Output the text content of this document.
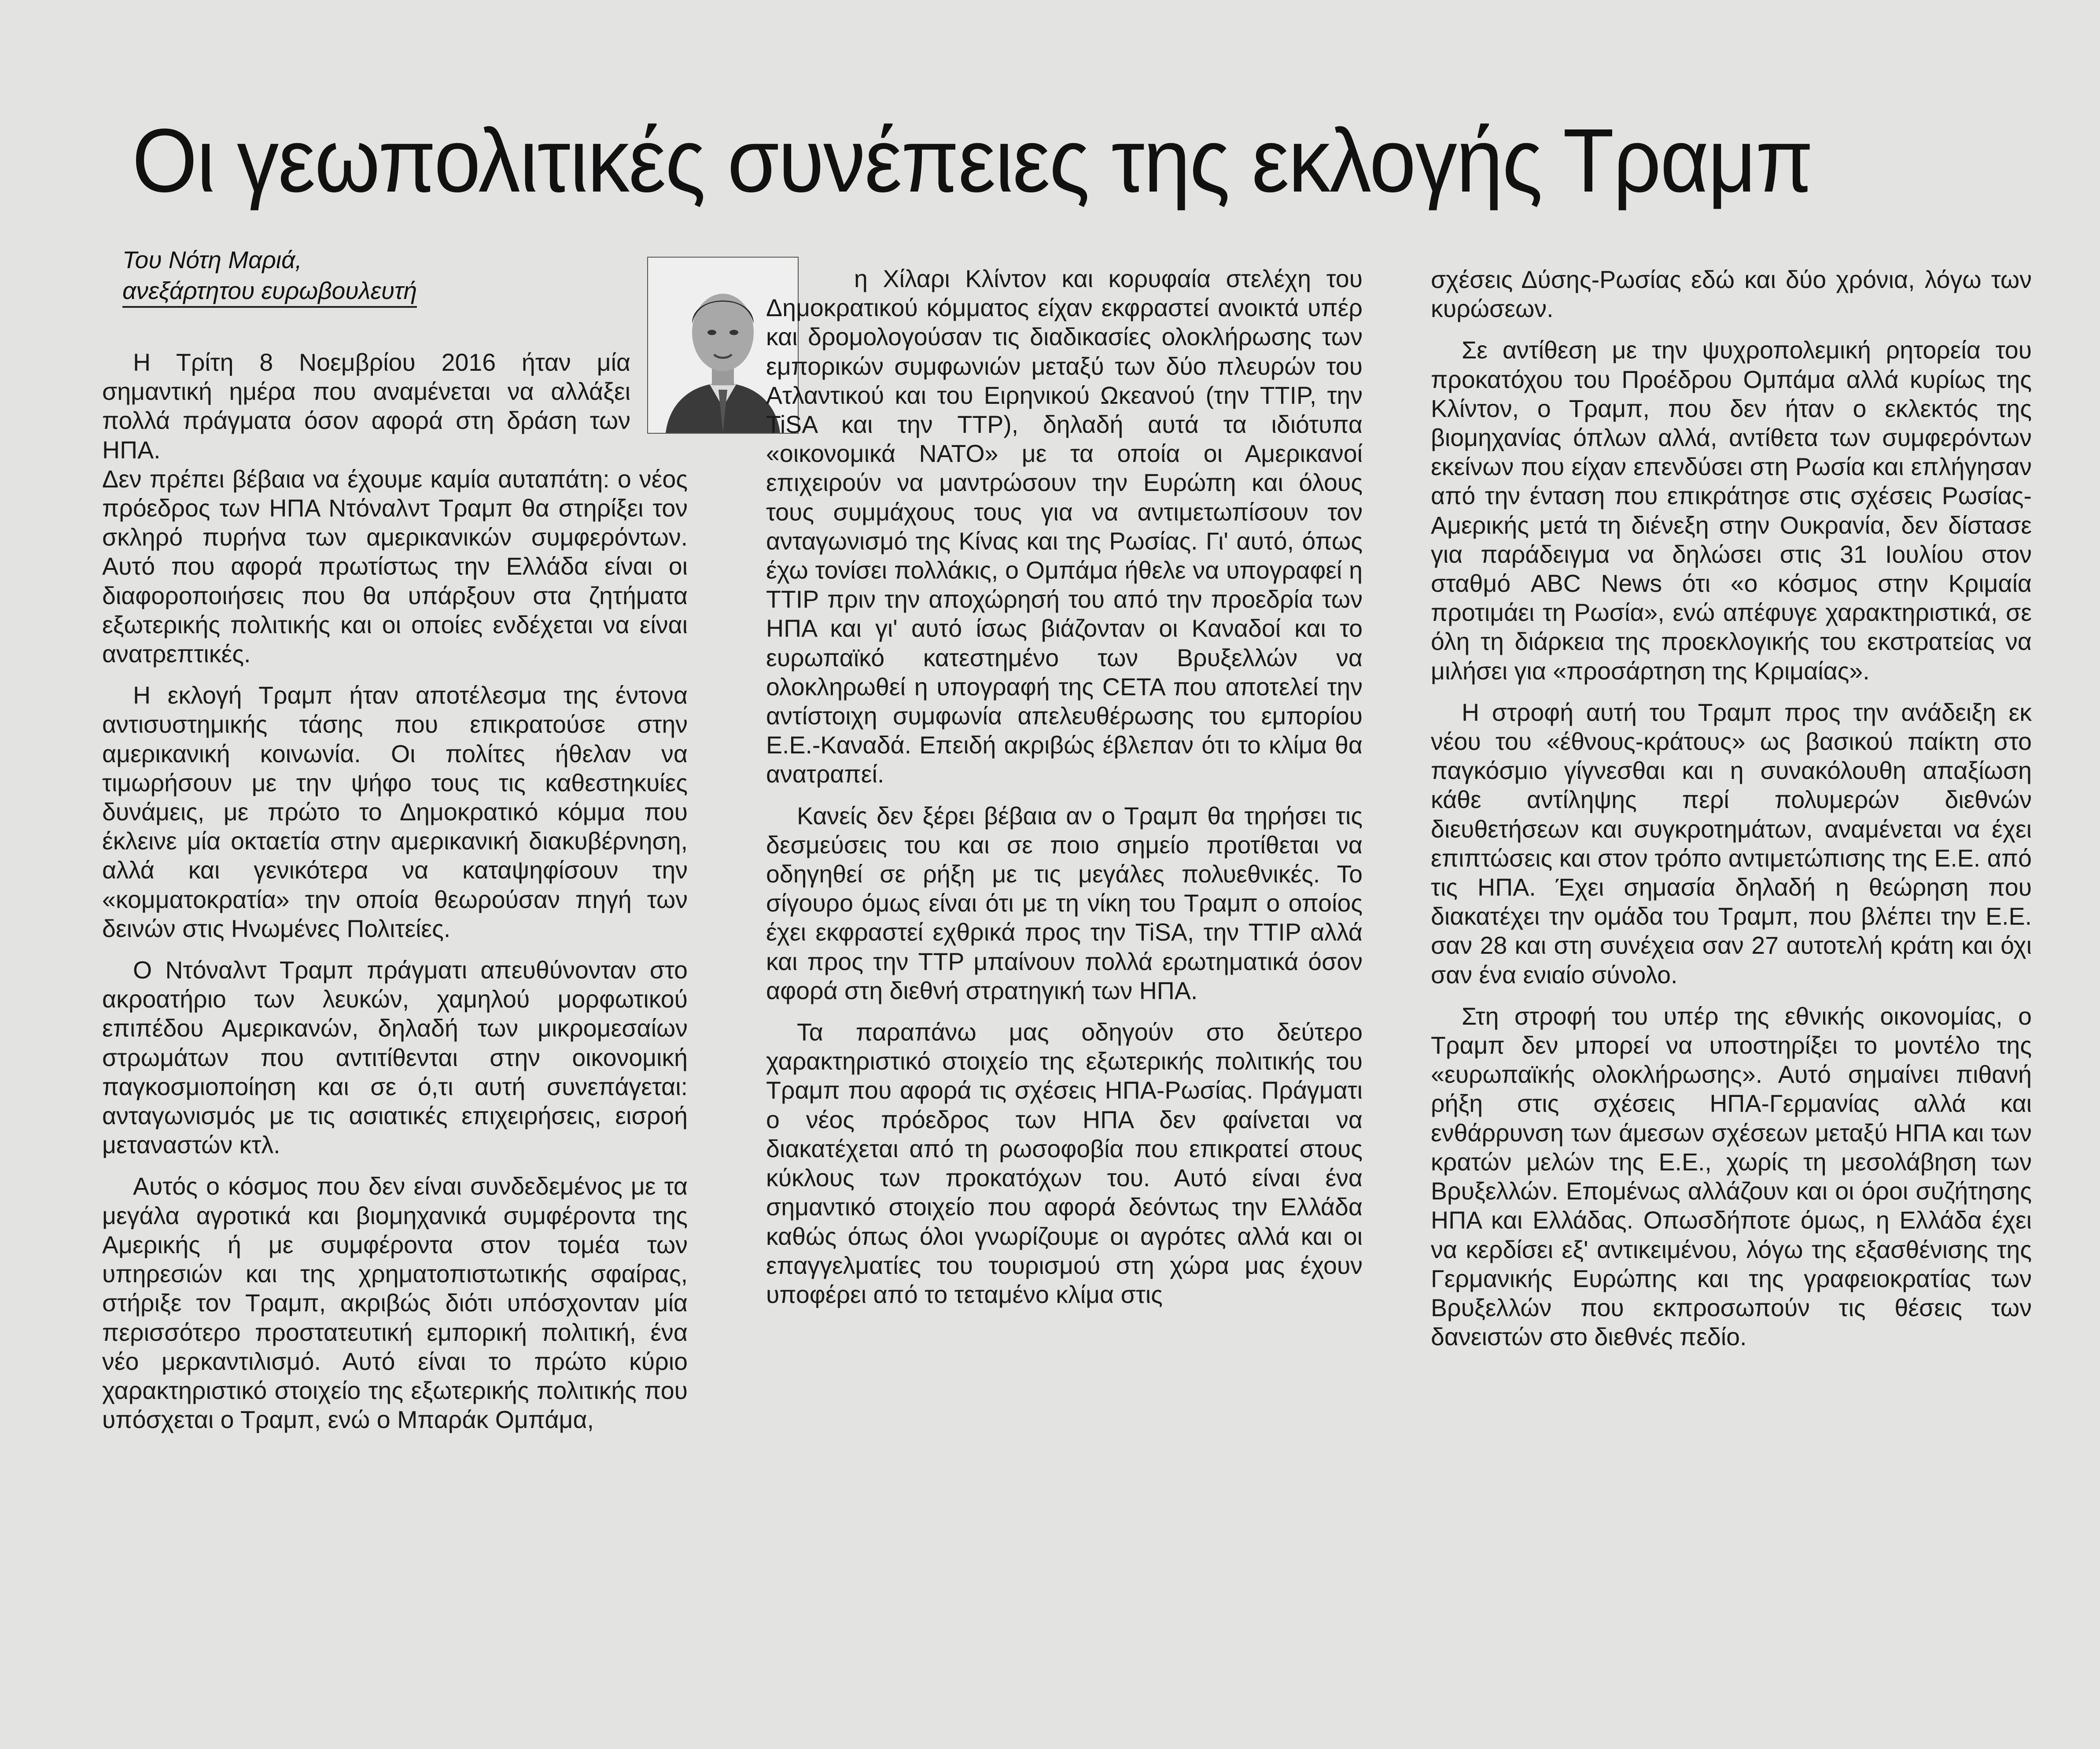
Οι γεωπολιτικές συνέπειες της εκλογής Τραμπ
Του Νότη Μαριά,
ανεξάρτητου ευρωβουλευτή

Η Τρίτη 8 Νοεμβρίου 2016 ήταν μία σημαντική ημέρα που αναμένεται να αλλάξει πολλά πράγματα όσον αφορά στη δράση των ΗΠΑ.

Δεν πρέπει βέβαια να έχουμε καμία αυταπάτη: ο νέος πρόεδρος των ΗΠΑ Ντόναλντ Τραμπ θα στηρίξει τον σκληρό πυρήνα των αμερικανικών συμφερόντων. Αυτό που αφορά πρωτίστως την Ελλάδα είναι οι διαφοροποιήσεις που θα υπάρξουν στα ζητήματα εξωτερικής πολιτικής και οι οποίες ενδέχεται να είναι ανατρεπτικές.

Η εκλογή Τραμπ ήταν αποτέλεσμα της έντονα αντισυστημικής τάσης που επικρατούσε στην αμερικανική κοινωνία. Οι πολίτες ήθελαν να τιμωρήσουν με την ψήφο τους τις καθεστηκυίες δυνάμεις, με πρώτο το Δημοκρατικό κόμμα που έκλεινε μία οκταετία στην αμερικανική διακυβέρνηση, αλλά και γενικότερα να καταψηφίσουν την «κομματοκρατία» την οποία θεωρούσαν πηγή των δεινών στις Ηνωμένες Πολιτείες.

Ο Ντόναλντ Τραμπ πράγματι απευθύνονταν στο ακροατήριο των λευκών, χαμηλού μορφωτικού επιπέδου Αμερικανών, δηλαδή των μικρομεσαίων στρωμάτων που αντιτίθενται στην οικονομική παγκοσμιοποίηση και σε ό,τι αυτή συνεπάγεται: ανταγωνισμός με τις ασιατικές επιχειρήσεις, εισροή μεταναστών κτλ.

Αυτός ο κόσμος που δεν είναι συνδεδεμένος με τα μεγάλα αγροτικά και βιομηχανικά συμφέροντα της Αμερικής ή με συμφέροντα στον τομέα των υπηρεσιών και της χρηματοπιστωτικής σφαίρας, στήριξε τον Τραμπ, ακριβώς διότι υπόσχονταν μία περισσότερο προστατευτική εμπορική πολιτική, ένα νέο μερκαντιλισμό. Αυτό είναι το πρώτο κύριο χαρακτηριστικό στοιχείο της εξωτερικής πολιτικής που υπόσχεται ο Τραμπ, ενώ ο Μπαράκ Ομπάμα,

η Χίλαρι Κλίντον και κορυφαία στελέχη του Δημοκρατικού κόμματος είχαν εκφραστεί ανοικτά υπέρ και δρομολογούσαν τις διαδικασίες ολοκλήρωσης των εμπορικών συμφωνιών μεταξύ των δύο πλευρών του Ατλαντικού και του Ειρηνικού Ωκεανού (την TTIP, την TiSA και την TTP), δηλαδή αυτά τα ιδιότυπα «οικονομικά ΝΑΤΟ» με τα οποία οι Αμερικανοί επιχειρούν να μαντρώσουν την Ευρώπη και όλους τους συμμάχους τους για να αντιμετωπίσουν τον ανταγωνισμό της Κίνας και της Ρωσίας. Γι' αυτό, όπως έχω τονίσει πολλάκις, ο Ομπάμα ήθελε να υπογραφεί η TTIP πριν την αποχώρησή του από την προεδρία των ΗΠΑ και γι' αυτό ίσως βιάζονταν οι Καναδοί και το ευρωπαϊκό κατεστημένο των Βρυξελλών να ολοκληρωθεί η υπογραφή της CETA που αποτελεί την αντίστοιχη συμφωνία απελευθέρωσης του εμπορίου Ε.Ε.-Καναδά. Επειδή ακριβώς έβλεπαν ότι το κλίμα θα ανατραπεί.

Κανείς δεν ξέρει βέβαια αν ο Τραμπ θα τηρήσει τις δεσμεύσεις του και σε ποιο σημείο προτίθεται να οδηγηθεί σε ρήξη με τις μεγάλες πολυεθνικές. Το σίγουρο όμως είναι ότι με τη νίκη του Τραμπ ο οποίος έχει εκφραστεί εχθρικά προς την TiSA, την TTIP αλλά και προς την TTP μπαίνουν πολλά ερωτηματικά όσον αφορά στη διεθνή στρατηγική των ΗΠΑ.

Τα παραπάνω μας οδηγούν στο δεύτερο χαρακτηριστικό στοιχείο της εξωτερικής πολιτικής του Τραμπ που αφορά τις σχέσεις ΗΠΑ-Ρωσίας. Πράγματι ο νέος πρόεδρος των ΗΠΑ δεν φαίνεται να διακατέχεται από τη ρωσοφοβία που επικρατεί στους κύκλους των προκατόχων του. Αυτό είναι ένα σημαντικό στοιχείο που αφορά δεόντως την Ελλάδα καθώς όπως όλοι γνωρίζουμε οι αγρότες αλλά και οι επαγγελματίες του τουρισμού στη χώρα μας έχουν υποφέρει από το τεταμένο κλίμα στις

σχέσεις Δύσης-Ρωσίας εδώ και δύο χρόνια, λόγω των κυρώσεων.

Σε αντίθεση με την ψυχροπολεμική ρητορεία του προκατόχου του Προέδρου Ομπάμα αλλά κυρίως της Κλίντον, ο Τραμπ, που δεν ήταν ο εκλεκτός της βιομηχανίας όπλων αλλά, αντίθετα των συμφερόντων εκείνων που είχαν επενδύσει στη Ρωσία και επλήγησαν από την ένταση που επικράτησε στις σχέσεις Ρωσίας-Αμερικής μετά τη διένεξη στην Ουκρανία, δεν δίστασε για παράδειγμα να δηλώσει στις 31 Ιουλίου στον σταθμό ABC News ότι «ο κόσμος στην Κριμαία προτιμάει τη Ρωσία», ενώ απέφυγε χαρακτηριστικά, σε όλη τη διάρκεια της προεκλογικής του εκστρατείας να μιλήσει για «προσάρτηση της Κριμαίας».

Η στροφή αυτή του Τραμπ προς την ανάδειξη εκ νέου του «έθνους-κράτους» ως βασικού παίκτη στο παγκόσμιο γίγνεσθαι και η συνακόλουθη απαξίωση κάθε αντίληψης περί πολυμερών διεθνών διευθετήσεων και συγκροτημάτων, αναμένεται να έχει επιπτώσεις και στον τρόπο αντιμετώπισης της Ε.Ε. από τις ΗΠΑ. Έχει σημασία δηλαδή η θεώρηση που διακατέχει την ομάδα του Τραμπ, που βλέπει την Ε.Ε. σαν 28 και στη συνέχεια σαν 27 αυτοτελή κράτη και όχι σαν ένα ενιαίο σύνολο.

Στη στροφή του υπέρ της εθνικής οικονομίας, ο Τραμπ δεν μπορεί να υποστηρίξει το μοντέλο της «ευρωπαϊκής ολοκλήρωσης». Αυτό σημαίνει πιθανή ρήξη στις σχέσεις ΗΠΑ-Γερμανίας αλλά και ενθάρρυνση των άμεσων σχέσεων μεταξύ ΗΠΑ και των κρατών μελών της Ε.Ε., χωρίς τη μεσολάβηση των Βρυξελλών. Επομένως αλλάζουν και οι όροι συζήτησης ΗΠΑ και Ελλάδας. Οπωσδήποτε όμως, η Ελλάδα έχει να κερδίσει εξ' αντικειμένου, λόγω της εξασθένισης της Γερμανικής Ευρώπης και της γραφειοκρατίας των Βρυξελλών που εκπροσωπούν τις θέσεις των δανειστών στο διεθνές πεδίο.
